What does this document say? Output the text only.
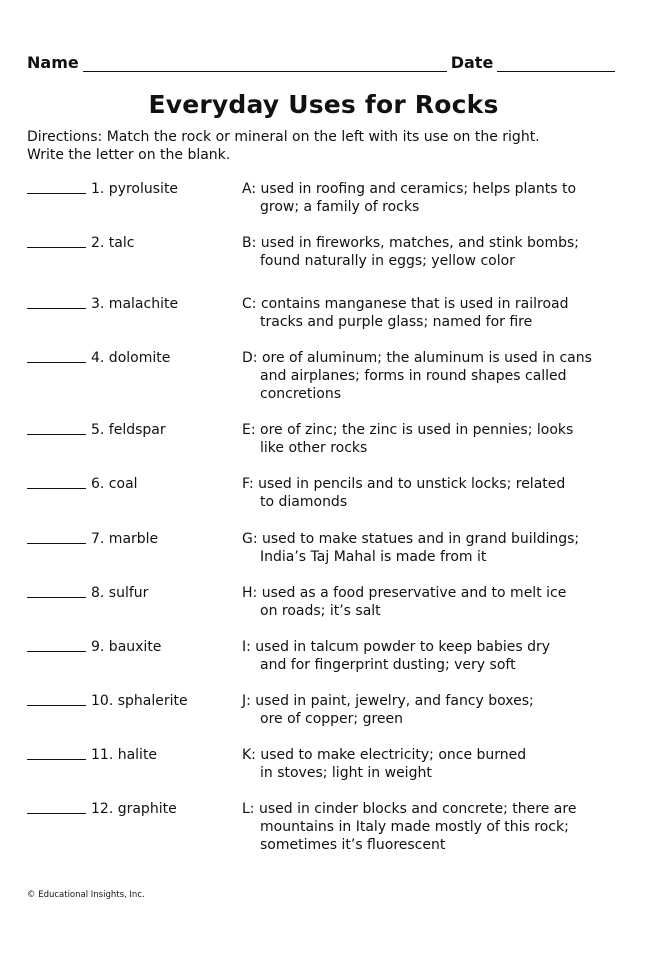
Name	Date
Everyday Uses for Rocks
Directions: Match the rock or mineral on the left with its use on the right.
Write the letter on the blank.
1. pyrolusite	A: used in roofing and ceramics; helps plants to
grow; a family of rocks
2. talc	B: used in fireworks, matches, and stink bombs;
found naturally in eggs; yellow color
3. malachite	C: contains manganese that is used in railroad
tracks and purple glass; named for fire
4. dolomite	D: ore of aluminum; the aluminum is used in cans
and airplanes; forms in round shapes called
concretions
5. feldspar	E: ore of zinc; the zinc is used in pennies; looks
like other rocks
6. coal	F: used in pencils and to unstick locks; related
to diamonds
7. marble	G: used to make statues and in grand buildings;
India’s Taj Mahal is made from it
8. sulfur	H: used as a food preservative and to melt ice
on roads; it’s salt
9. bauxite	I: used in talcum powder to keep babies dry
and for fingerprint dusting; very soft
10. sphalerite	J: used in paint, jewelry, and fancy boxes;
ore of copper; green
11. halite	K: used to make electricity; once burned
in stoves; light in weight
12. graphite	L: used in cinder blocks and concrete; there are
mountains in Italy made mostly of this rock;
sometimes it’s fluorescent
© Educational Insights, Inc.
